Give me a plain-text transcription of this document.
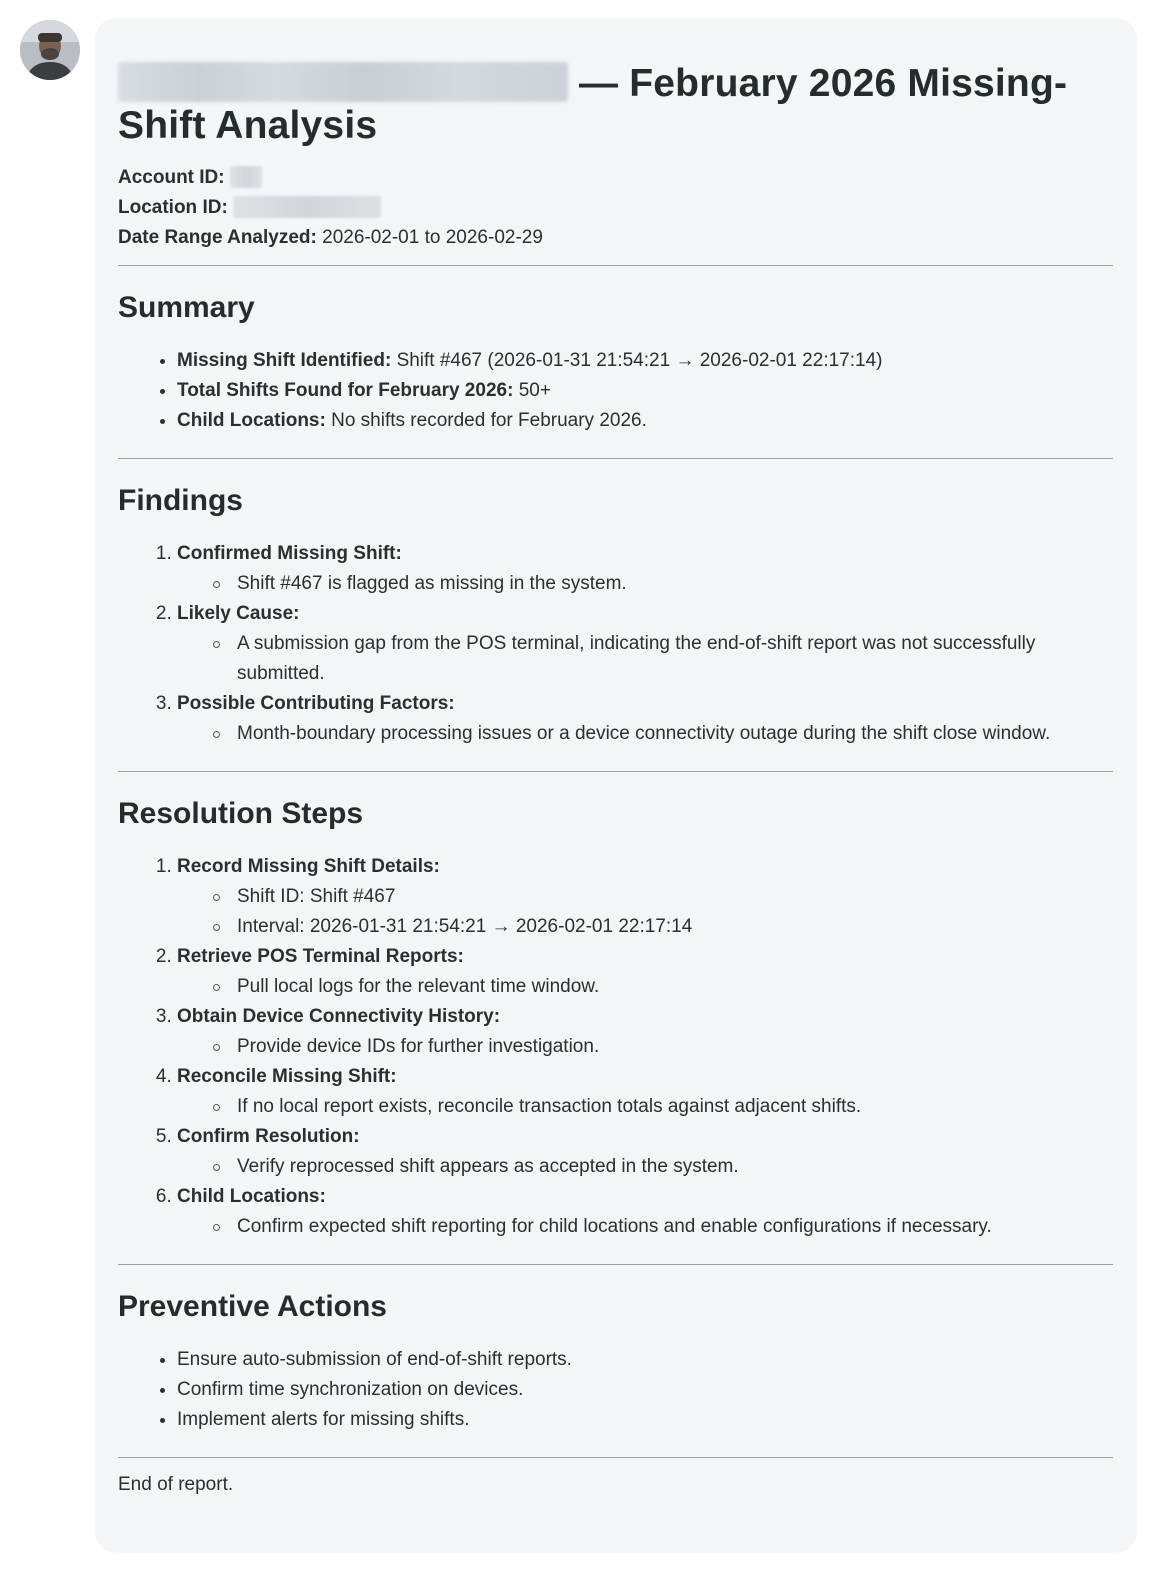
— February 2026 Missing-Shift Analysis
Account ID:
Location ID:
Date Range Analyzed: 2026-02-01 to 2026-02-29
Summary
• Missing Shift Identified: Shift #467 (2026-01-31 21:54:21 → 2026-02-01 22:17:14)
• Total Shifts Found for February 2026: 50+
• Child Locations: No shifts recorded for February 2026.
Findings
1. Confirmed Missing Shift:
Shift #467 is flagged as missing in the system.
2. Likely Cause:
A submission gap from the POS terminal, indicating the end-of-shift report was not successfully submitted.
3. Possible Contributing Factors:
Month-boundary processing issues or a device connectivity outage during the shift close window.
Resolution Steps
1. Record Missing Shift Details:
Shift ID: Shift #467
Interval: 2026-01-31 21:54:21 → 2026-02-01 22:17:14
2. Retrieve POS Terminal Reports:
Pull local logs for the relevant time window.
3. Obtain Device Connectivity History:
Provide device IDs for further investigation.
4. Reconcile Missing Shift:
If no local report exists, reconcile transaction totals against adjacent shifts.
5. Confirm Resolution:
Verify reprocessed shift appears as accepted in the system.
6. Child Locations:
Confirm expected shift reporting for child locations and enable configurations if necessary.
Preventive Actions
• Ensure auto-submission of end-of-shift reports.
• Confirm time synchronization on devices.
• Implement alerts for missing shifts.
End of report.
